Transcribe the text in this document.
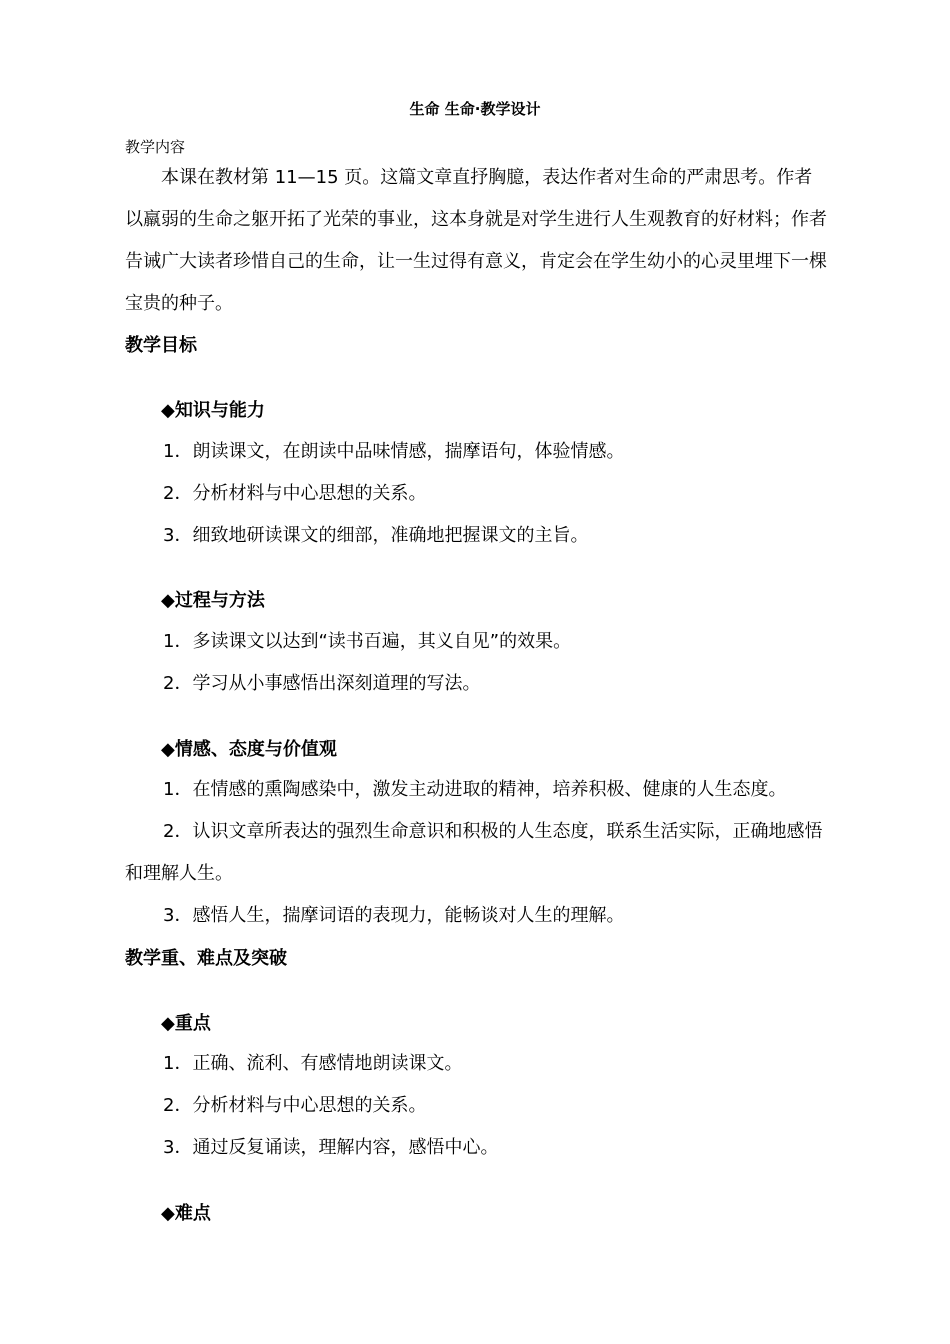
生命 生命·教学设计
教学内容
本课在教材第 11—15 页。这篇文章直抒胸臆，表达作者对生命的严肃思考。作者以羸弱的生命之躯开拓了光荣的事业，这本身就是对学生进行人生观教育的好材料；作者告诫广大读者珍惜自己的生命，让一生过得有意义，肯定会在学生幼小的心灵里埋下一棵宝贵的种子。
教学目标
◆知识与能力
1．朗读课文，在朗读中品味情感，揣摩语句，体验情感。
2．分析材料与中心思想的关系。
3．细致地研读课文的细部，准确地把握课文的主旨。
◆过程与方法
1．多读课文以达到“读书百遍，其义自见”的效果。
2．学习从小事感悟出深刻道理的写法。
◆情感、态度与价值观
1．在情感的熏陶感染中，激发主动进取的精神，培养积极、健康的人生态度。
2．认识文章所表达的强烈生命意识和积极的人生态度，联系生活实际，正确地感悟和理解人生。
3．感悟人生，揣摩词语的表现力，能畅谈对人生的理解。
教学重、难点及突破
◆重点
1．正确、流利、有感情地朗读课文。
2．分析材料与中心思想的关系。
3．通过反复诵读，理解内容，感悟中心。
◆难点
